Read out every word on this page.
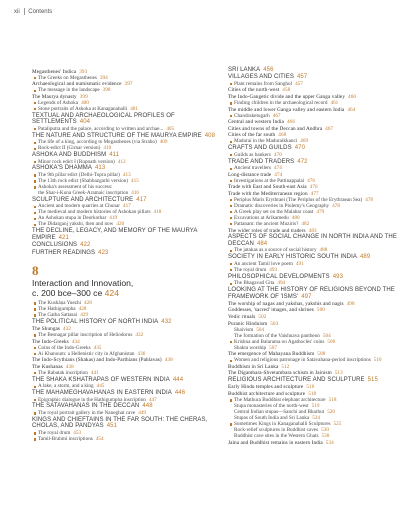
xii Contents
Megasthenes' Indica 393
The Greeks on Megasthenes 394
Archaeological and numismatic evidence 397
The message in the landscape 398
The Maurya dynasty 399
Legends of Ashoka 400
Stone portraits of Ashoka at Kanaganahalli 401
TEXTUAL AND ARCHAEOLOGICAL PROFILES OF SETTLEMENTS 404
Pataliputra and the palace, according to written and archae... 405
THE NATURE AND STRUCTURE OF THE MAURYA EMPIRE 408
The life of a king, according to Megasthenes (via Strabo) 409
Rock-edict II (Girnar version) 410
ASHOKA AND BUDDHISM 411
Minor rock edict I (Rupnath version) 412
ASHOKA'S DHAMMA 413
The 9th pillar edict (Delhi-Topra pillar) 413
The 13th rock edict (Shahbazgarhi version) 415
Ashoka's assessment of his success:
the Shar-i-Kuna Greek-Aramaic inscription 416
SCULPTURE AND ARCHITECTURE 417
Ancient and modern quarries at Chunar 417
The medieval and modern histories of Ashokan pillars 418
An Ashokan stupa in Deorkothar 419
The Didarganj yakshi, then and now 420
THE DECLINE, LEGACY, AND MEMORY OF THE MAURYA EMPIRE 421
CONCLUSIONS 422
FURTHER READINGS 423
8
Interaction and Innovation,
c. 200 bce–300 ce 424
The Kushāṇa Yuezhi 428
The Hathigumpha 428
The Gatha Sattasai 429
THE POLITICAL HISTORY OF NORTH INDIA 432
The Shungas 432
The Besnagar pillar inscription of Heliodorus 432
The Indo-Greeks 434
Coins of the Indo-Greeks 435
Ai Khanoum: a Hellenistic city in Afghanistan 436
The Indo-Scythians (Shakas) and Indo-Parthians (Pahlavas) 438
The Kushanas 438
The Rabatak inscription 441
THE SHAKA KSHATRAPAS OF WESTERN INDIA 444
A lake, a storm, and a king 445
THE MAHAMEGHAVAHANAS IN EASTERN INDIA 446
Epigraphic dialogue in the Hathigumpha inscription 447
THE SATAVAHANAS IN THE DECCAN 448
The royal portrait gallery in the Naneghat cave 449
KINGS AND CHIEFTAINS IN THE FAR SOUTH: THE CHERAS, CHOLAS, AND PANDYAS 451
The royal drum 453
Tamil-Brahmi inscriptions 454
SRI LANKA 456
VILLAGES AND CITIES 457
Plant remains from Sanghol 457
Cities of the north-west 458
The Indo-Gangetic divide and the upper Ganga valley 460
Finding children in the archaeological record 461
The middle and lower Ganga valley and eastern India 464
Chandraketugarh 467
Central and western India 466
Cities and towns of the Deccan and Andhra 467
Cities of the far south 468
Madurai in the Maduraikkanci 469
CRAFTS AND GUILDS 470
Guilds as bankers 470
TRADE AND TRADERS 472
Ancient travellers 474
Long-distance trade 474
Investigations at the Pattinappalai 476
Trade with East and South-east Asia 476
Trade with the Mediterranean region 477
Periplus Maris Erythraei (The Periplus of the Erythraean Sea) 478
Dramatic discoveries in Ptolemy's Geography 478
A Greek play set on the Malabar coast 479
Excavations at Arikamedu 480
Pattanam: the ancient Muziris? 482
The wider roles of trade and traders 483
ASPECTS OF SOCIAL CHANGE IN NORTH INDIA AND THE DECCAN 484
The jatakas as a source of social history 488
SOCIETY IN EARLY HISTORIC SOUTH INDIA 489
An ancient Tamil love poem 491
The royal drum 493
PHILOSOPHICAL DEVELOPMENTS 493
The Bhagavad Gita 494
LOOKING AT THE HISTORY OF RELIGIONS BEYOND THE FRAMEWORK OF 'ISMS' 497
The worship of nagas and yakshas, yakshis and nagis 498
Goddesses, 'sacred' images, and shrines 500
Vedic rituals 502
Puranic Hinduism 503
Shaivism 504
The formation of the Vaishnava pantheon 504
Krishna and Balarama on Agathocles' coins 506
Shakta worship 507
The emergence of Mahayana Buddhism 508
Women and religious patronage in Satavahana-period inscriptions 510
Buddhism in Sri Lanka 512
The Digambara-Shvetambara schism in Jainism 513
RELIGIOUS ARCHITECTURE AND SCULPTURE 515
Early Hindu temples and sculpture 516
Buddhist architecture and sculpture 518
The Mathura Buddhist elephant architecture 518
Stupa monasteries of the north-west 519
Central Indian stupas—Sanchi and Bharhut 520
Stupas of South India and Sri Lanka 524
Sometimes Kings in Kanaganahalli Sculptures 525
Rock-relief sculptures in Buddhist caves 530
Buddhist cave sites in the Western Ghats 530
Jaina and Buddhist remains in eastern India 534
